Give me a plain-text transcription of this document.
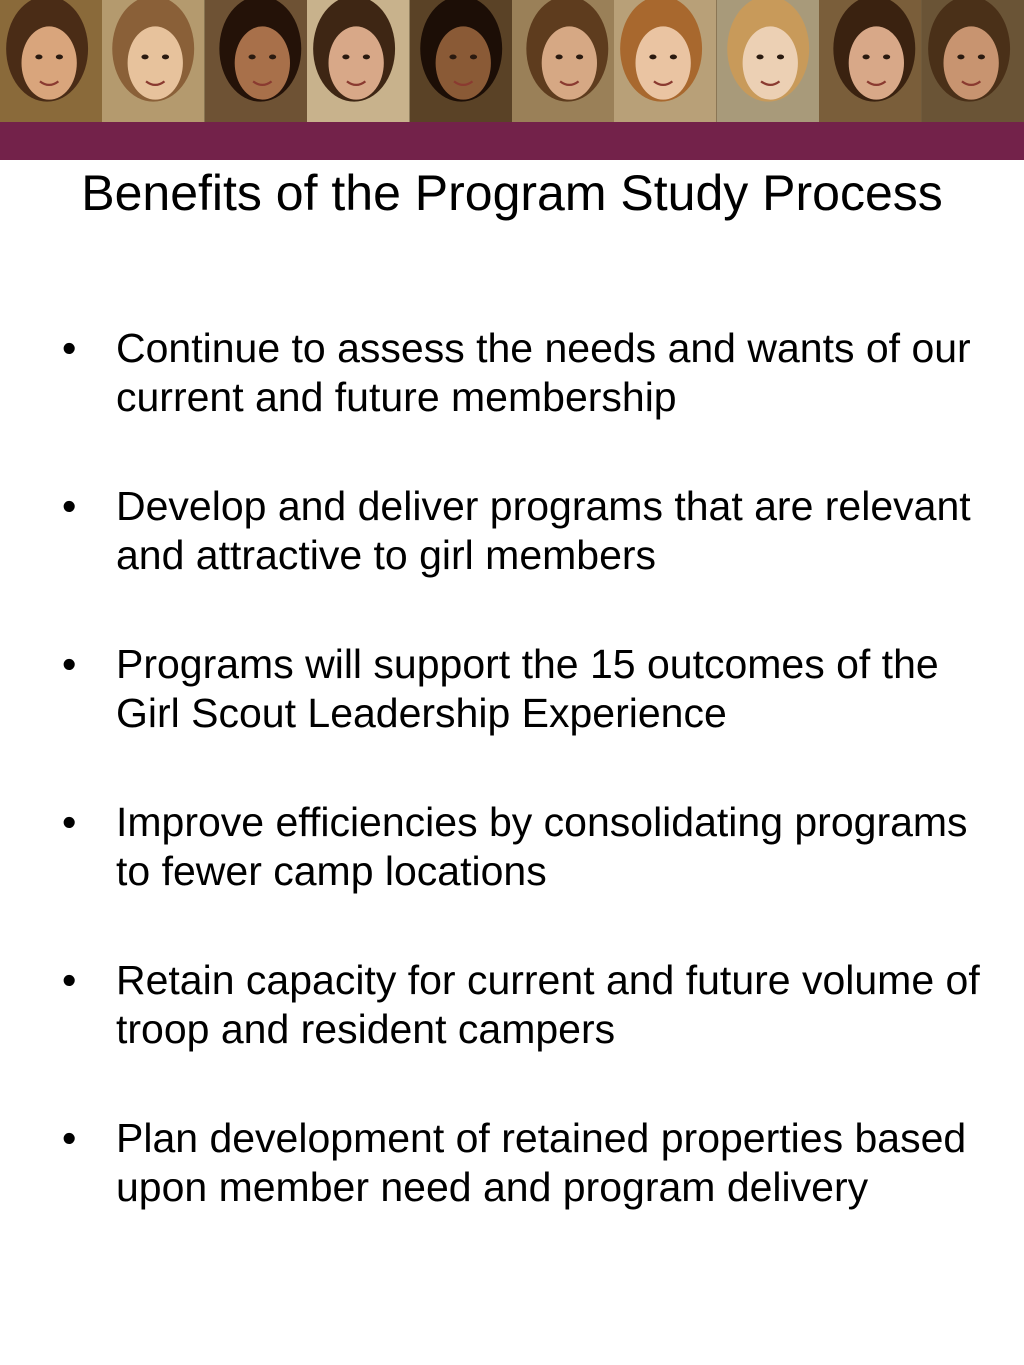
Benefits of the Program Study Process
• Continue to assess the needs and wants of our current and future membership
• Develop and deliver programs that are relevant and attractive to girl members
• Programs will support the 15 outcomes of the Girl Scout Leadership Experience
• Improve efficiencies by consolidating programs to fewer camp locations
• Retain capacity for current and future volume of troop and resident campers
• Plan development of retained properties based upon member need and program delivery
